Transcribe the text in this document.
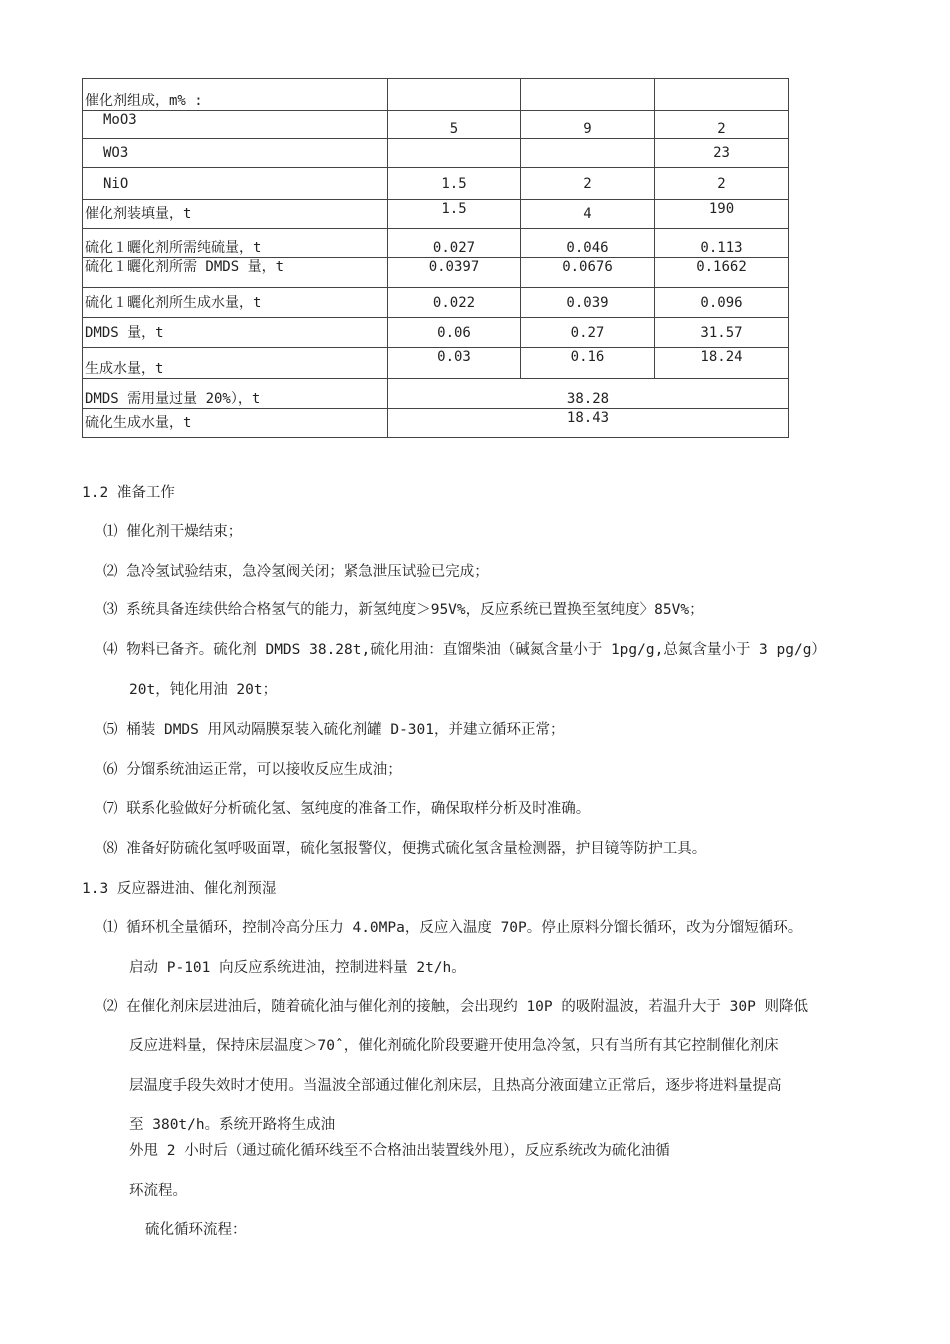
催化剂组成，m% :			
MoO3	5	9	2
WO3			23
NiO	1.5	2	2
催化剂装填量，t	1.5	4	190
硫化１曬化剂所需纯硫量，t	0.027	0.046	0.113
硫化１曬化剂所需 DMDS 量，t	0.0397	0.0676	0.1662
硫化１曬化剂所生成水量，t	0.022	0.039	0.096
DMDS 量，t	0.06	0.27	31.57
生成水量，t	0.03	0.16	18.24
DMDS 需用量过量 20%），t	38.28		
硫化生成水量，t	18.43		
1.2 准备工作
⑴ 催化剂干燥结束；
⑵ 急冷氢试验结束，急冷氢阀关闭；紧急泄压试验已完成；
⑶ 系统具备连续供给合格氢气的能力，新氢纯度＞95V%，反应系统已置换至氢纯度〉85V%；
⑷ 物料已备齐。硫化剂 DMDS 38.28t,硫化用油：直馏柴油（碱氮含量小于 1pg/g,总氮含量小于 3 pg/g）
20t，钝化用油 20t；
⑸ 桶装 DMDS 用风动隔膜泵装入硫化剂罐 D-301，并建立循环正常；
⑹ 分馏系统油运正常，可以接收反应生成油；
⑺ 联系化验做好分析硫化氢、氢纯度的准备工作，确保取样分析及时准确。
⑻ 准备好防硫化氢呼吸面罩，硫化氢报警仪，便携式硫化氢含量检测器，护目镜等防护工具。
1.3 反应器进油、催化剂预湿
⑴ 循环机全量循环，控制冷高分压力 4.0MPa，反应入温度 70P。停止原料分馏长循环，改为分馏短循环。
启动 P-101 向反应系统进油，控制进料量 2t/h。
⑵ 在催化剂床层进油后，随着硫化油与催化剂的接触，会出现约 10P 的吸附温波，若温升大于 30P 则降低
反应进料量，保持床层温度＞70ˆ，催化剂硫化阶段要避开使用急冷氢，只有当所有其它控制催化剂床
层温度手段失效时才使用。当温波全部通过催化剂床层，且热高分液面建立正常后，逐步将进料量提高
至 380t/h。系统开路将生成油
外甩 2 小时后（通过硫化循环线至不合格油出装置线外甩），反应系统改为硫化油循
环流程。
硫化循环流程：
